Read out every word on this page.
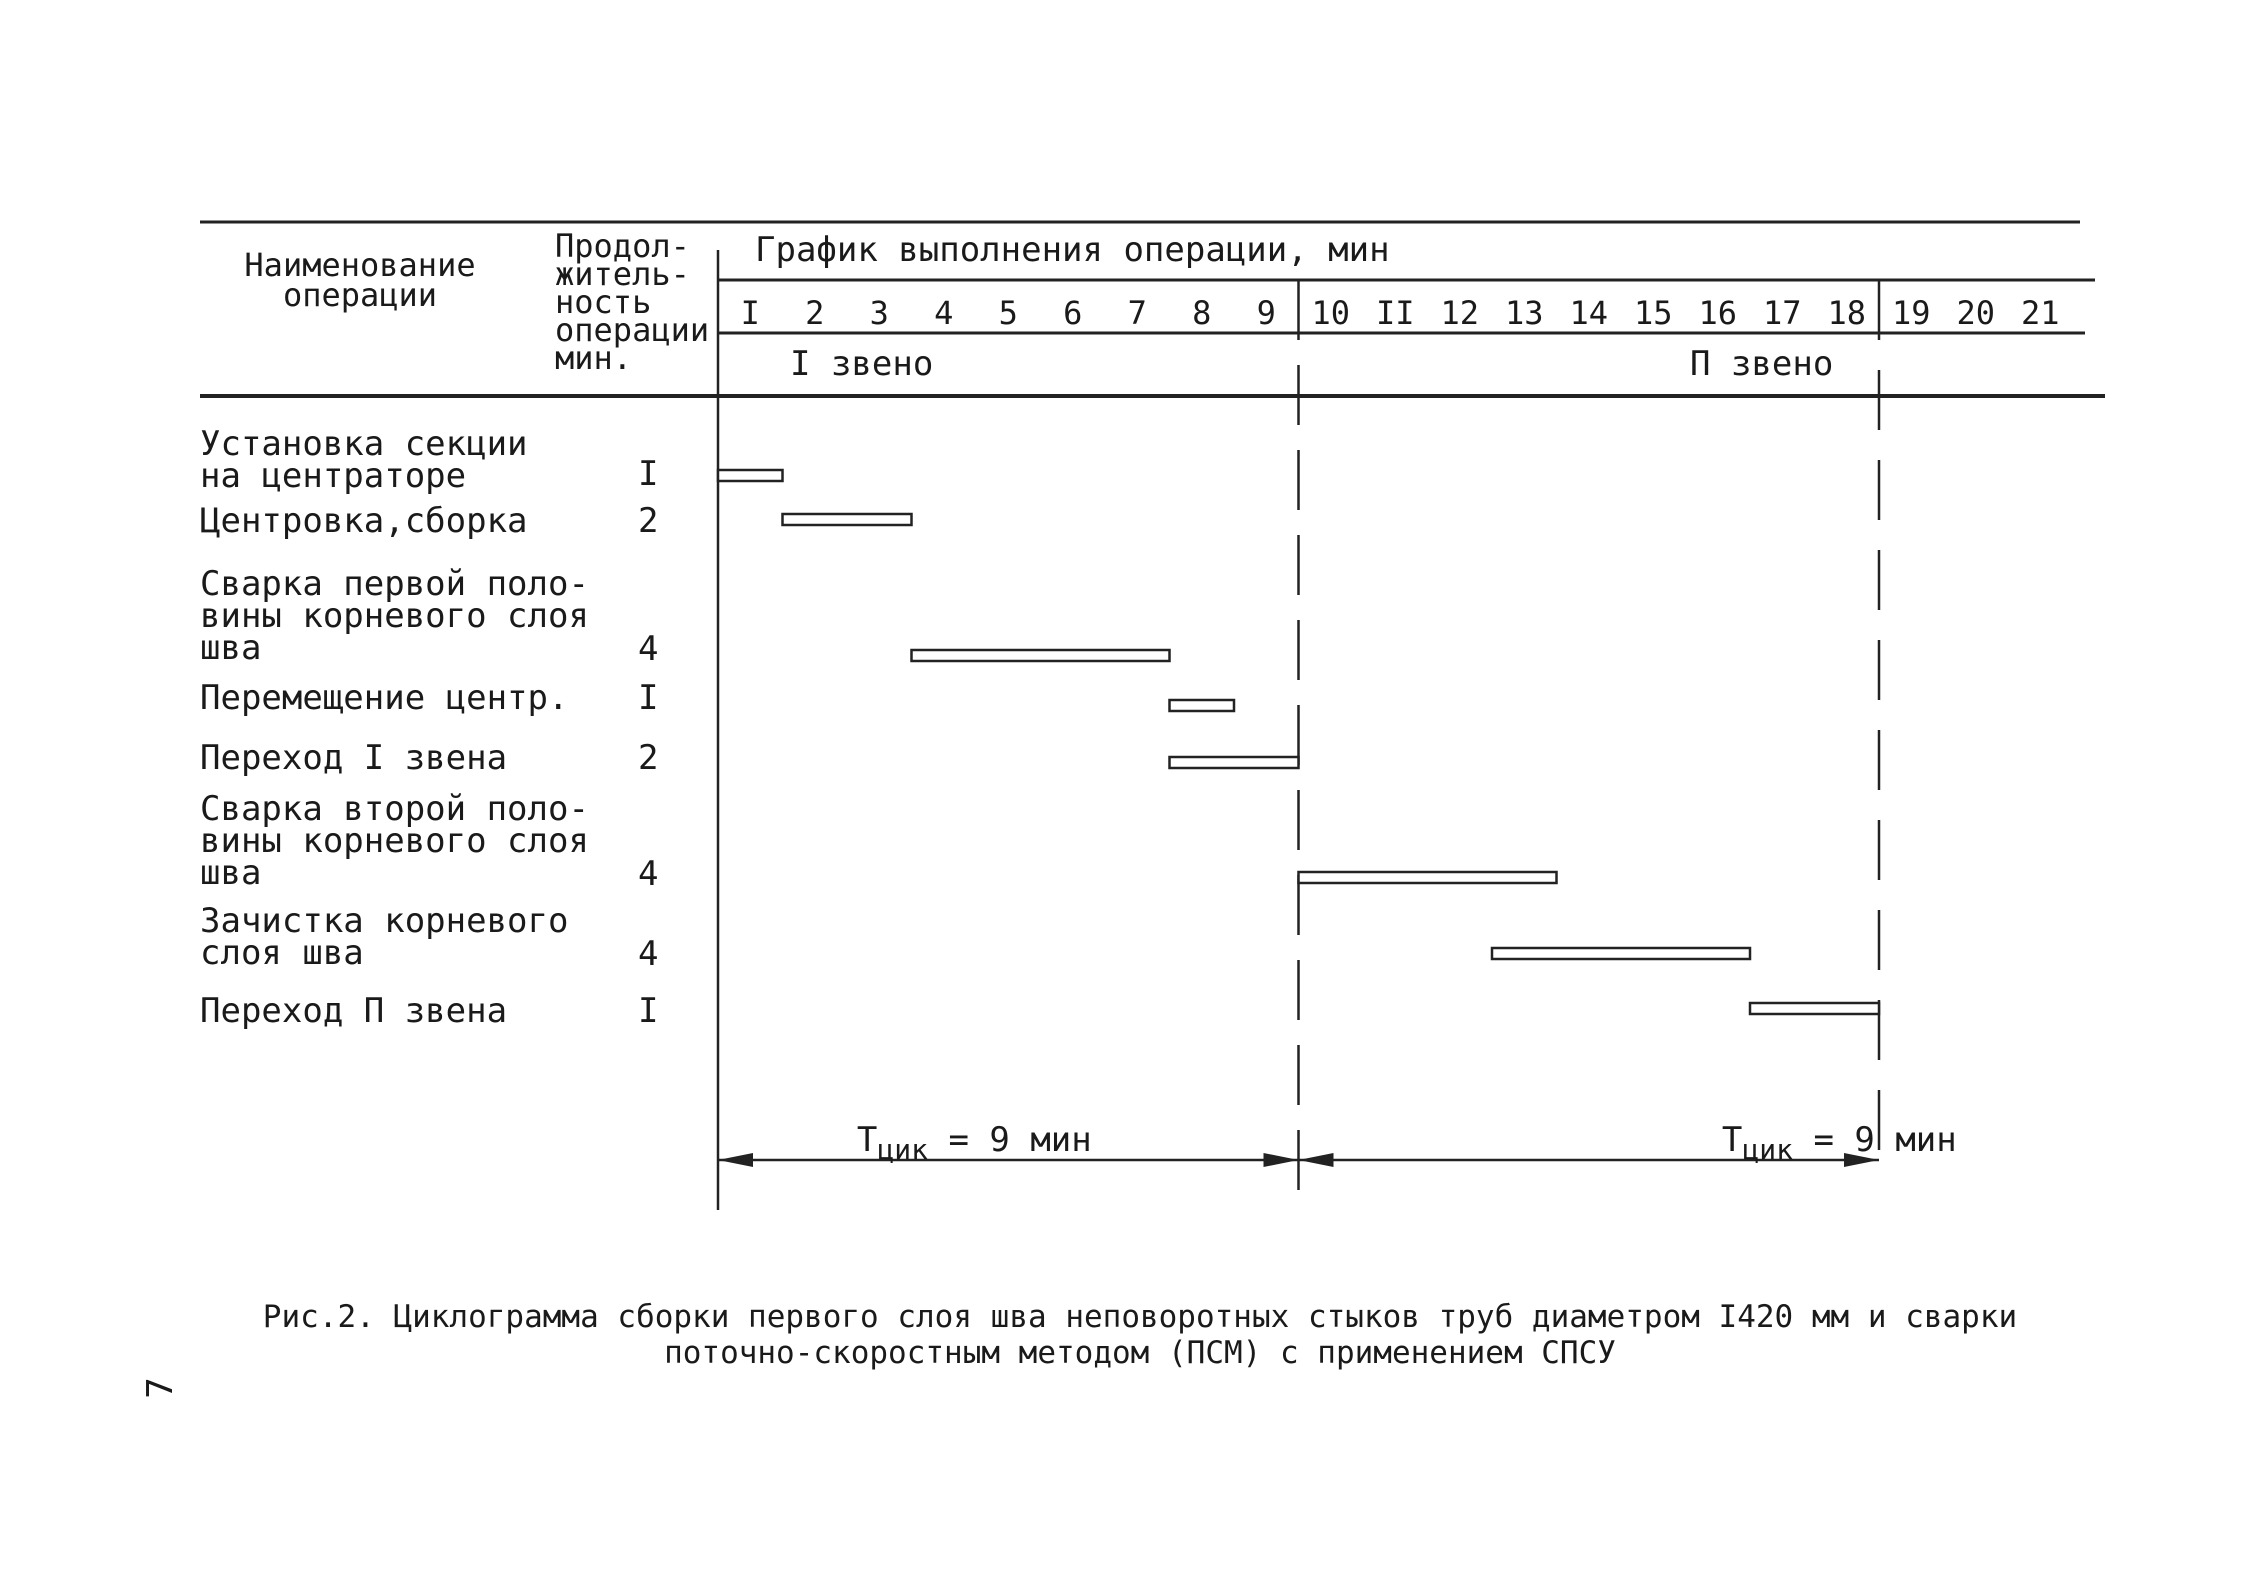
Наименование
операции
Продол-
житель-
ность
операции
мин.
График выполнения операции, мин
I звено	П звено
Установка секции
на центраторе	I
Центровка,сборка	2
Сварка первой поло-
вины корневого слоя
шва	4
Перемещение центр. I
Переход I звена	2
Сварка второй поло-
вины корневого слоя
шва	4
Зачистка корневого
слоя шва	4
Переход П звена	I
I 2 3 4 5 6 7 8 9 10 II 12 13 14 15 16 17 18 19 20 21

$T_{цик} = 9$ мин
	$T_{цик} = 9$ мин

Рис.2. Циклограмма сборки первого слоя шва неповоротных стыков труб диаметром I420 мм и сварки
поточно-скоростным методом (ПСМ) с применением СПСУ
7
